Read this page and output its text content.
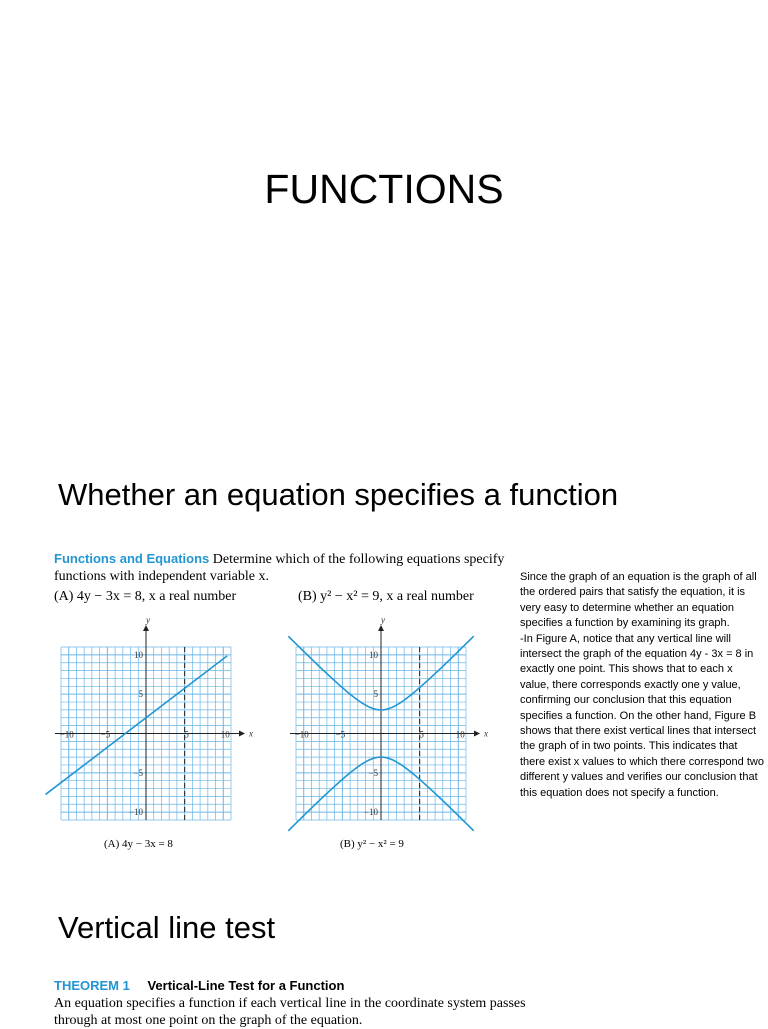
FUNCTIONS
Whether an equation specifies a function
Functions and Equations Determine which of the following equations specify
functions with independent variable x.
(A) 4y − 3x = 8, x a real number	(B) y² − x² = 9, x a real number

Since the graph of an equation is the graph of all the ordered pairs that satisfy the equation, it is very easy to determine whether an equation specifies a function by examining its graph.

-In Figure A, notice that any vertical line will intersect the graph of the equation 4y - 3x = 8 in exactly one point. This shows that to each x value, there corresponds exactly one y value, confirming our conclusion that this equation specifies a function. On the other hand, Figure B shows that there exist vertical lines that intersect the graph of in two points. This indicates that there exist x values to which there correspond two different y values and verifies our conclusion that this equation does not specify a function.

x
y
−10	−5	5	10
10
5
−5
−10
x
y
−10	−5	5	10
10
5
−5
−10
(A) 4y − 3x = 8	(B) y² − x² = 9
Vertical line test
THEOREM 1 Vertical-Line Test for a Function
An equation specifies a function if each vertical line in the coordinate system passes through at most one point on the graph of the equation.
